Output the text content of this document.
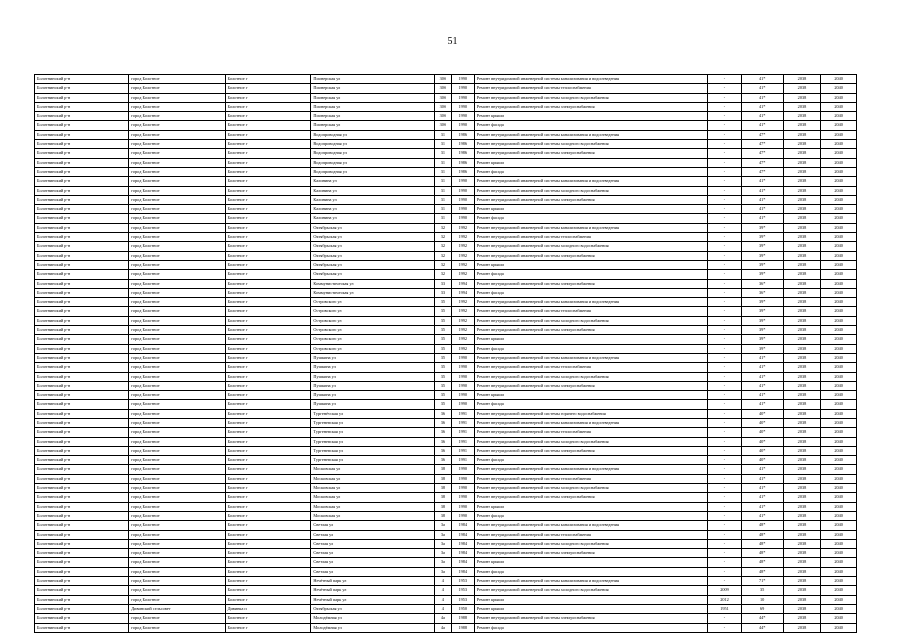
51
Болотнинский р-н	город Болотное	Болотное г	Пионерская ул	30б	1990	Ремонт внутридомовой инженерной системы канализования и водоотведения	-	41*	2038	2040
Болотнинский р-н	город Болотное	Болотное г	Пионерская ул	30б	1990	Ремонт внутридомовой инженерной системы теплоснабжения	-	41*	2038	2040
Болотнинский р-н	город Болотное	Болотное г	Пионерская ул	30б	1990	Ремонт внутридомовой инженерной системы холодного водоснабжения	-	41*	2038	2040
Болотнинский р-н	город Болотное	Болотное г	Пионерская ул	30б	1990	Ремонт внутридомовой инженерной системы электроснабжения	-	41*	2038	2040
Болотнинский р-н	город Болотное	Болотное г	Пионерская ул	30б	1990	Ремонт крыши	-	41*	2038	2040
Болотнинский р-н	город Болотное	Болотное г	Пионерская ул	30б	1990	Ремонт фасада	-	41*	2038	2040
Болотнинский р-н	город Болотное	Болотное г	Водопроводная ул	31	1986	Ремонт внутридомовой инженерной системы канализования и водоотведения	-	47*	2038	2040
Болотнинский р-н	город Болотное	Болотное г	Водопроводная ул	31	1986	Ремонт внутридомовой инженерной системы холодного водоснабжения	-	47*	2038	2040
Болотнинский р-н	город Болотное	Болотное г	Водопроводная ул	31	1986	Ремонт внутридомовой инженерной системы электроснабжения	-	47*	2038	2040
Болотнинский р-н	город Болотное	Болотное г	Водопроводная ул	31	1986	Ремонт крыши	-	47*	2038	2040
Болотнинский р-н	город Болотное	Болотное г	Водопроводная ул	31	1986	Ремонт фасада	-	47*	2038	2040
Болотнинский р-н	город Болотное	Болотное г	Калинина ул	31	1990	Ремонт внутридомовой инженерной системы канализования и водоотведения	-	41*	2038	2040
Болотнинский р-н	город Болотное	Болотное г	Калинина ул	31	1990	Ремонт внутридомовой инженерной системы холодного водоснабжения	-	41*	2038	2040
Болотнинский р-н	город Болотное	Болотное г	Калинина ул	31	1990	Ремонт внутридомовой инженерной системы электроснабжения	-	41*	2038	2040
Болотнинский р-н	город Болотное	Болотное г	Калинина ул	31	1990	Ремонт крыши	-	41*	2038	2040
Болотнинский р-н	город Болотное	Болотное г	Калинина ул	31	1990	Ремонт фасада	-	41*	2038	2040
Болотнинский р-н	город Болотное	Болотное г	Октябрьская ул	32	1992	Ремонт внутридомовой инженерной системы канализования и водоотведения	-	39*	2038	2040
Болотнинский р-н	город Болотное	Болотное г	Октябрьская ул	32	1992	Ремонт внутридомовой инженерной системы теплоснабжения	-	39*	2038	2040
Болотнинский р-н	город Болотное	Болотное г	Октябрьская ул	32	1992	Ремонт внутридомовой инженерной системы холодного водоснабжения	-	39*	2038	2040
Болотнинский р-н	город Болотное	Болотное г	Октябрьская ул	32	1992	Ремонт внутридомовой инженерной системы электроснабжения	-	39*	2038	2040
Болотнинский р-н	город Болотное	Болотное г	Октябрьская ул	32	1992	Ремонт крыши	-	39*	2038	2040
Болотнинский р-н	город Болотное	Болотное г	Октябрьская ул	32	1992	Ремонт фасада	-	39*	2038	2040
Болотнинский р-н	город Болотное	Болотное г	Коммунистическая ул	33	1994	Ремонт внутридомовой инженерной системы электроснабжения	-	36*	2038	2040
Болотнинский р-н	город Болотное	Болотное г	Коммунистическая ул	33	1994	Ремонт фасада	-	36*	2038	2040
Болотнинский р-н	город Болотное	Болотное г	Островского ул	35	1992	Ремонт внутридомовой инженерной системы канализования и водоотведения	-	39*	2038	2040
Болотнинский р-н	город Болотное	Болотное г	Островского ул	35	1992	Ремонт внутридомовой инженерной системы теплоснабжения	-	39*	2038	2040
Болотнинский р-н	город Болотное	Болотное г	Островского ул	35	1992	Ремонт внутридомовой инженерной системы холодного водоснабжения	-	39*	2038	2040
Болотнинский р-н	город Болотное	Болотное г	Островского ул	35	1992	Ремонт внутридомовой инженерной системы электроснабжения	-	39*	2038	2040
Болотнинский р-н	город Болотное	Болотное г	Островского ул	35	1992	Ремонт крыши	-	39*	2038	2040
Болотнинский р-н	город Болотное	Болотное г	Островского ул	35	1992	Ремонт фасада	-	39*	2038	2040
Болотнинский р-н	город Болотное	Болотное г	Пушкина ул	35	1990	Ремонт внутридомовой инженерной системы канализования и водоотведения	-	41*	2038	2040
Болотнинский р-н	город Болотное	Болотное г	Пушкина ул	35	1990	Ремонт внутридомовой инженерной системы теплоснабжения	-	41*	2038	2040
Болотнинский р-н	город Болотное	Болотное г	Пушкина ул	35	1990	Ремонт внутридомовой инженерной системы холодного водоснабжения	-	41*	2038	2040
Болотнинский р-н	город Болотное	Болотное г	Пушкина ул	35	1990	Ремонт внутридомовой инженерной системы электроснабжения	-	41*	2038	2040
Болотнинский р-н	город Болотное	Болотное г	Пушкина ул	35	1990	Ремонт крыши	-	41*	2038	2040
Болотнинский р-н	город Болотное	Болотное г	Пушкина ул	35	1990	Ремонт фасада	-	41*	2038	2040
Болотнинский р-н	город Болотное	Болотное г	Тургенévская ул	36	1991	Ремонт внутридомовой инженерной системы горячего водоснабжения	-	40*	2038	2040
Болотнинский р-н	город Болотное	Болотное г	Тургеневская ул	36	1991	Ремонт внутридомовой инженерной системы канализования и водоотведения	-	40*	2038	2040
Болотнинский р-н	город Болотное	Болотное г	Тургеневская ул	36	1991	Ремонт внутридомовой инженерной системы теплоснабжения	-	40*	2038	2040
Болотнинский р-н	город Болотное	Болотное г	Тургеневская ул	36	1991	Ремонт внутридомовой инженерной системы холодного водоснабжения	-	40*	2038	2040
Болотнинский р-н	город Болотное	Болотное г	Тургеневская ул	36	1991	Ремонт внутридомовой инженерной системы электроснабжения	-	40*	2038	2040
Болотнинский р-н	город Болотное	Болотное г	Тургеневская ул	36	1991	Ремонт фасада	-	40*	2038	2040
Болотнинский р-н	город Болотное	Болотное г	Московская ул	38	1990	Ремонт внутридомовой инженерной системы канализования и водоотведения	-	41*	2038	2040
Болотнинский р-н	город Болотное	Болотное г	Московская ул	38	1990	Ремонт внутридомовой инженерной системы теплоснабжения	-	41*	2038	2040
Болотнинский р-н	город Болотное	Болотное г	Московская ул	38	1990	Ремонт внутридомовой инженерной системы холодного водоснабжения	-	41*	2038	2040
Болотнинский р-н	город Болотное	Болотное г	Московская ул	38	1990	Ремонт внутридомовой инженерной системы электроснабжения	-	41*	2038	2040
Болотнинский р-н	город Болотное	Болотное г	Московская ул	38	1990	Ремонт крыши	-	41*	2038	2040
Болотнинский р-н	город Болотное	Болотное г	Московская ул	38	1990	Ремонт фасада	-	41*	2038	2040
Болотнинский р-н	город Болотное	Болотное г	Светлая ул	3а	1984	Ремонт внутридомовой инженерной системы канализования и водоотведения	-	48*	2038	2040
Болотнинский р-н	город Болотное	Болотное г	Светлая ул	3а	1984	Ремонт внутридомовой инженерной системы теплоснабжения	-	48*	2038	2040
Болотнинский р-н	город Болотное	Болотное г	Светлая ул	3а	1984	Ремонт внутридомовой инженерной системы холодного водоснабжения	-	48*	2038	2040
Болотнинский р-н	город Болотное	Болотное г	Светлая ул	3а	1984	Ремонт внутридомовой инженерной системы электроснабжения	-	48*	2038	2040
Болотнинский р-н	город Болотное	Болотное г	Светлая ул	3а	1984	Ремонт крыши	-	48*	2038	2040
Болотнинский р-н	город Болотное	Болотное г	Светлая ул	3а	1984	Ремонт фасада	-	48*	2038	2040
Болотнинский р-н	город Болотное	Болотное г	Нечётный парк ул	4	1953	Ремонт внутридомовой инженерной системы канализования и водоотведения	-	71*	2038	2040
Болотнинский р-н	город Болотное	Болотное г	Нечётный парк ул	4	1953	Ремонт внутридомовой инженерной системы холодного водоснабжения	2009	35	2038	2040
Болотнинский р-н	город Болотное	Болотное г	Нечётный парк ул	4	1953	Ремонт крыши	2012	10	2038	2040
Болотнинский р-н	Дивинский сельсовет	Дивинка п	Октябрьская ул	4	1950	Ремонт крыши	1951	69	2038	2040
Болотнинский р-н	город Болотное	Болотное г	Молодёжная ул	4а	1988	Ремонт внутридомовой инженерной системы электроснабжения	-	44*	2038	2040
Болотнинский р-н	город Болотное	Болотное г	Молодёжная ул	4а	1988	Ремонт фасада	-	44*	2038	2040
